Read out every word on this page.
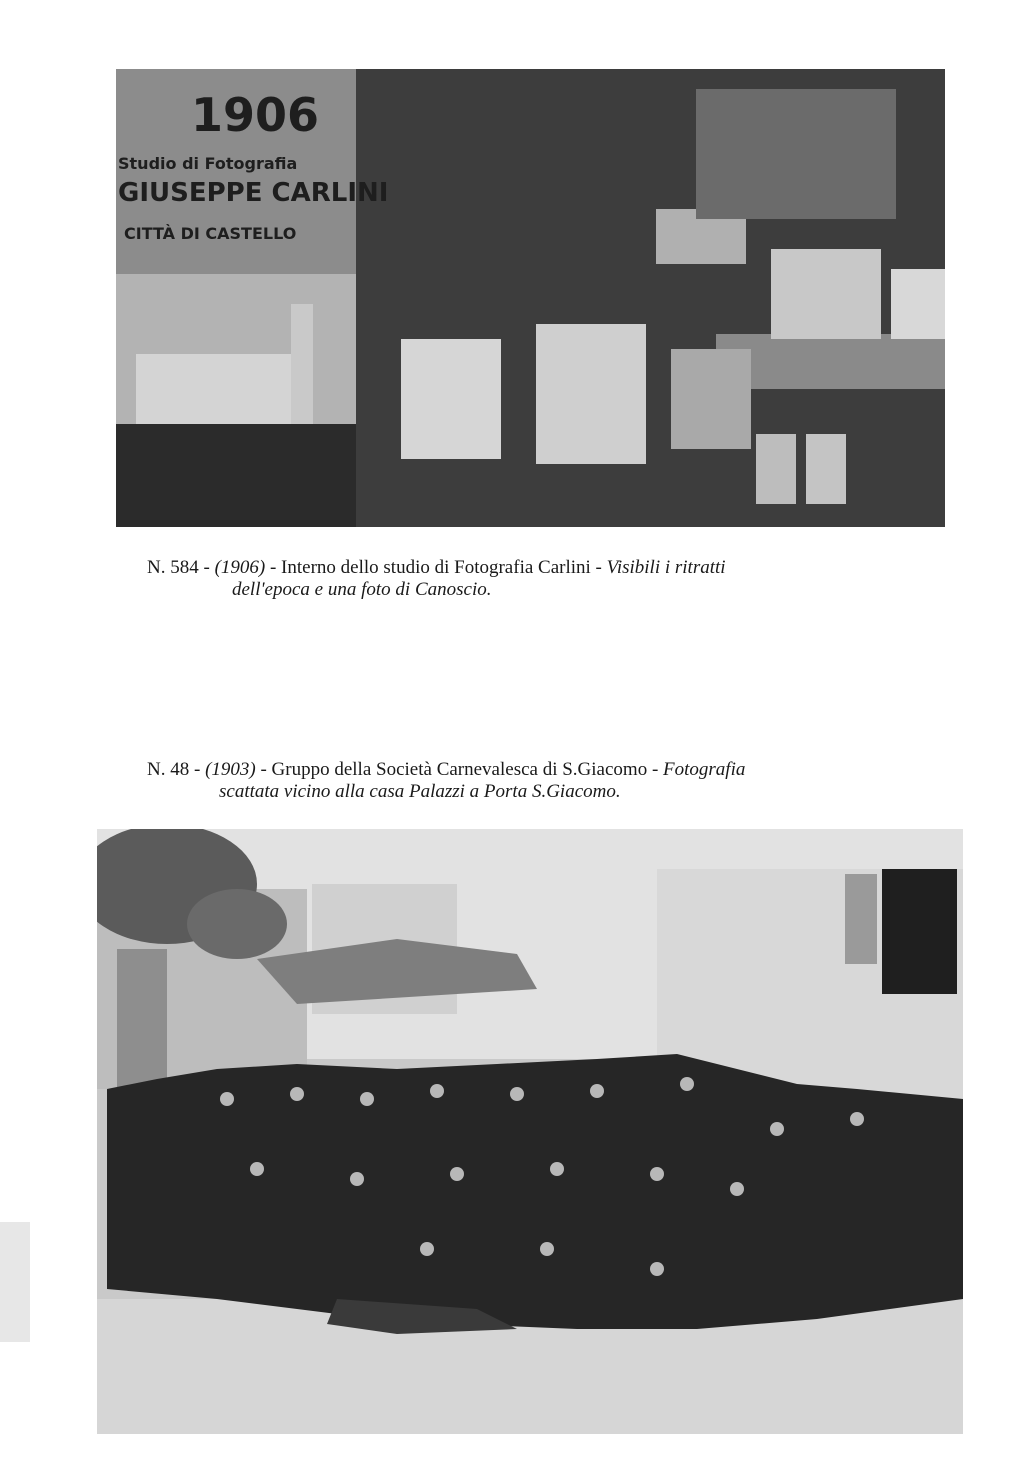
1906
Studio di Fotografia
GIUSEPPE CARLINI
CITTÀ DI CASTELLO
N. 584 - (1906) - Interno dello studio di Fotografia Carlini - Visibili i ritratti
dell'epoca e una foto di Canoscio.
N. 48 - (1903) - Gruppo della Società Carnevalesca di S.Giacomo - Fotografia
scattata vicino alla casa Palazzi a Porta S.Giacomo.
